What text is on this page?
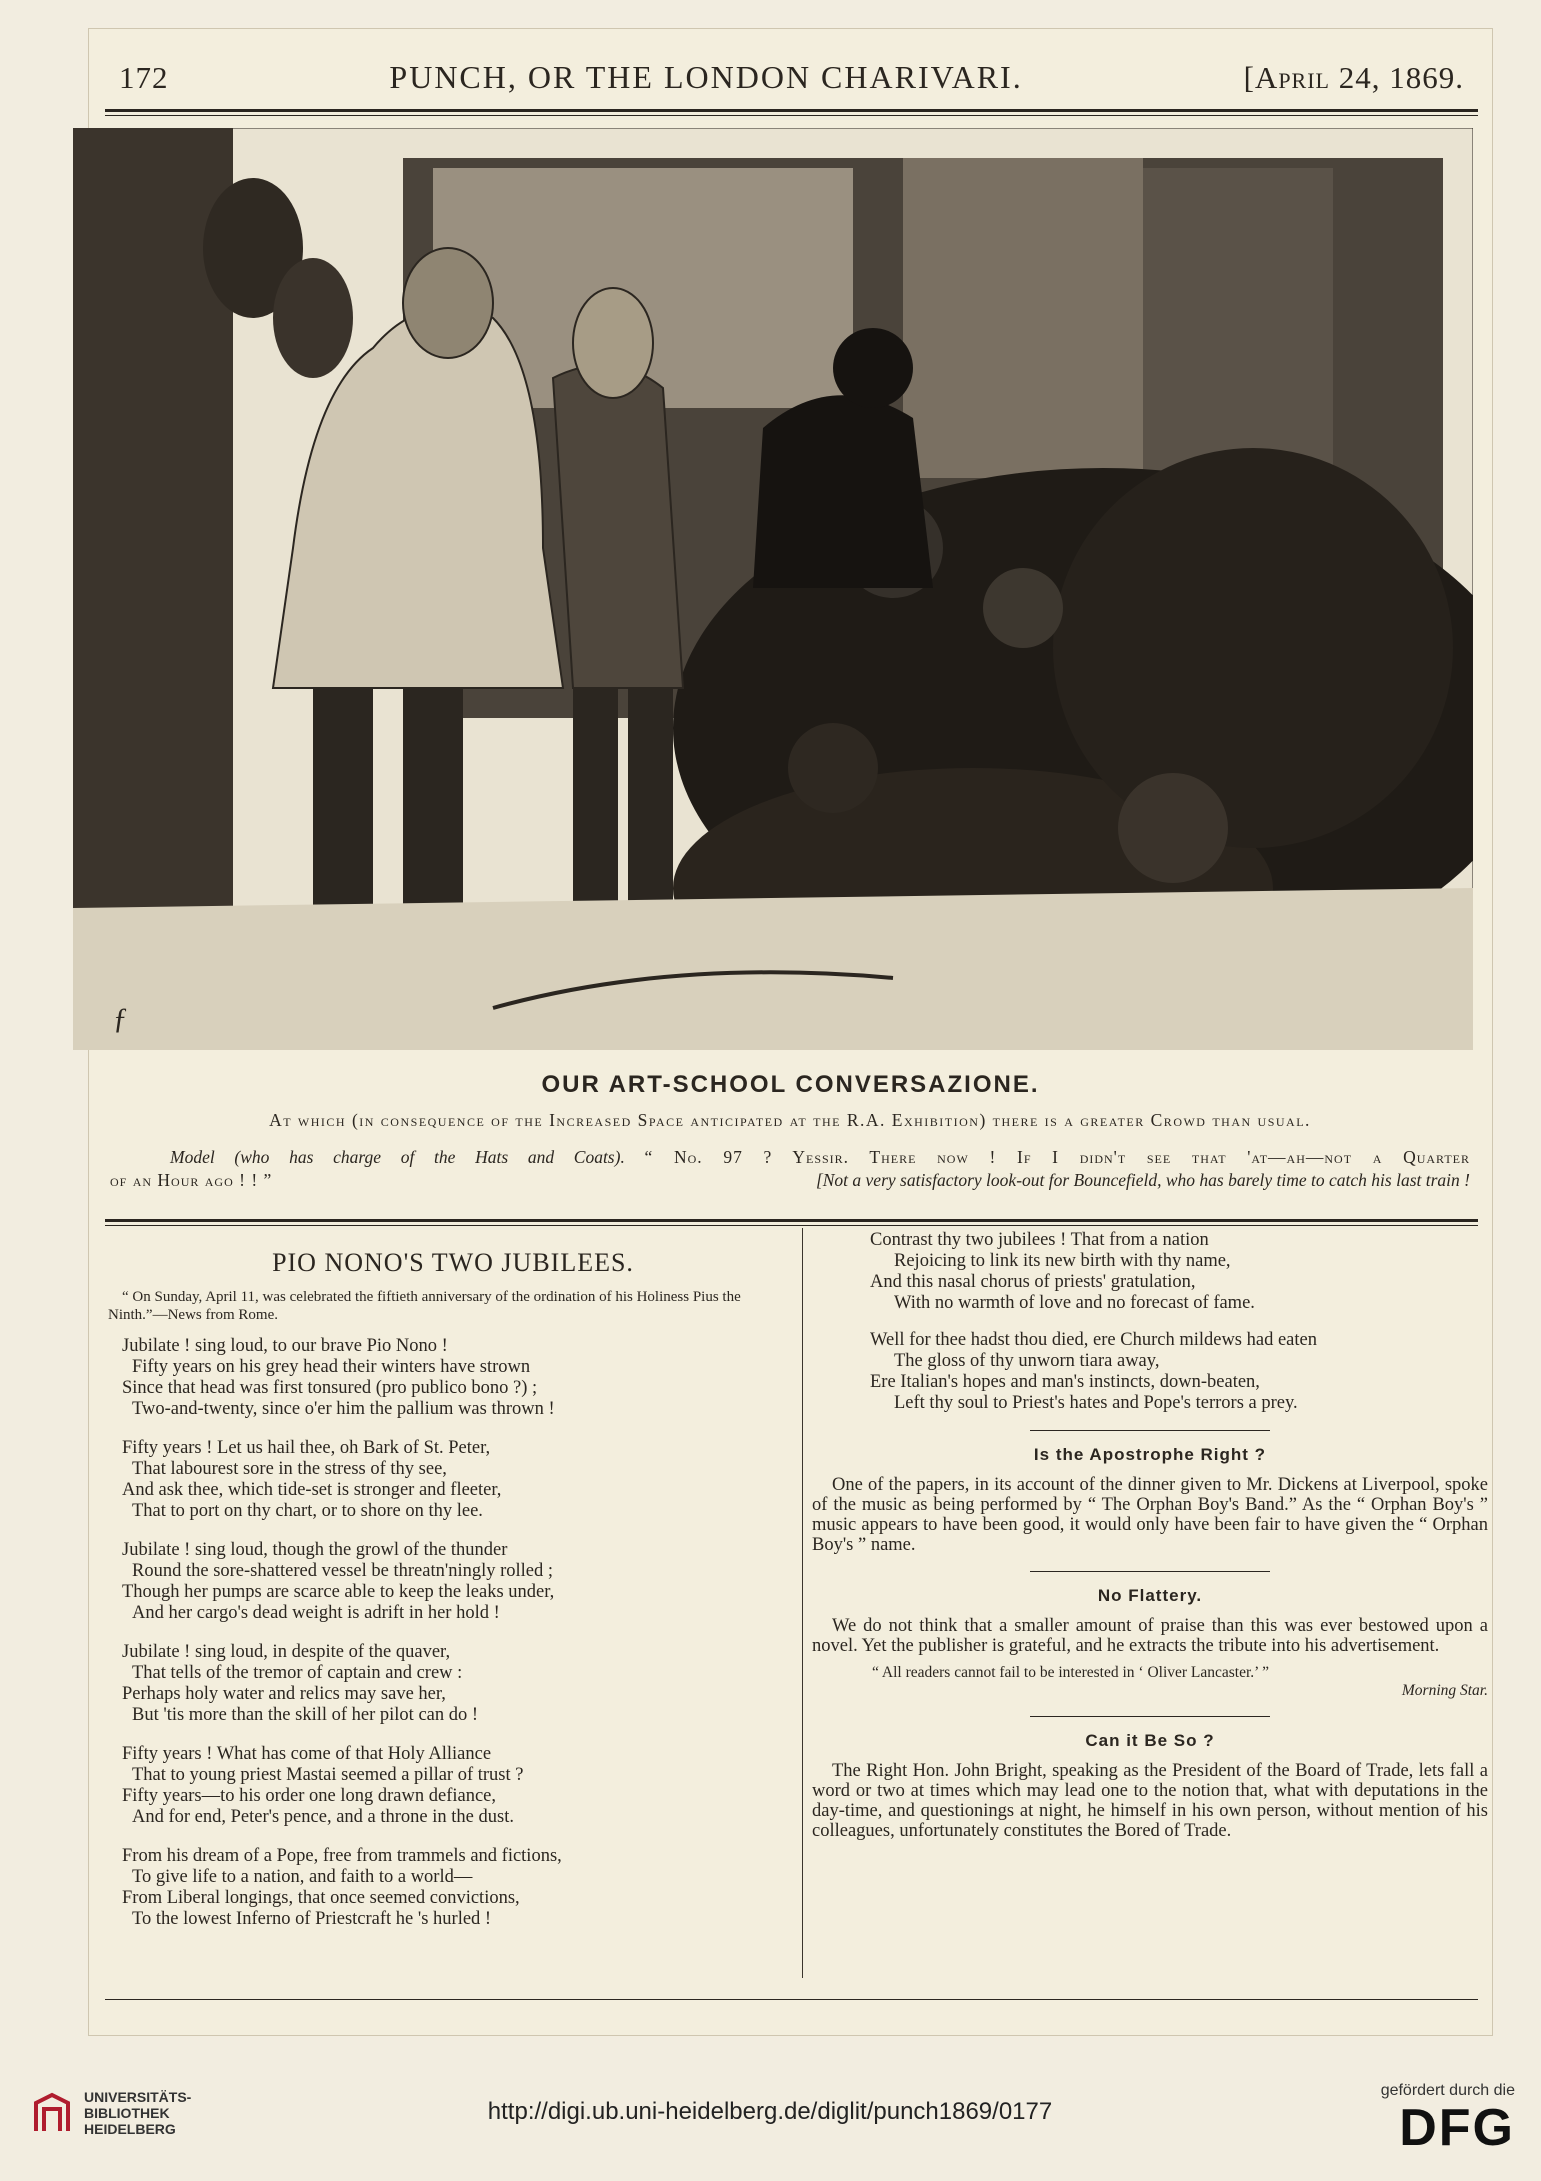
172	PUNCH, OR THE LONDON CHARIVARI.	[April 24, 1869.
ƒ
OUR ART-SCHOOL CONVERSAZIONE.
At which (in consequence of the Increased Space anticipated at the R.A. Exhibition) there is a greater Crowd than usual.
Model (who has charge of the Hats and Coats). “ No. 97 ? Yessir. There now ! If I didn't see that 'at—ah—not a Quarter
of an Hour ago ! ! ”	[Not a very satisfactory look-out for Bouncefield, who has barely time to catch his last train !
PIO NONO'S TWO JUBILEES.
“ On Sunday, April 11, was celebrated the fiftieth anniversary of the ordination of his Holiness Pius the Ninth.”—News from Rome.
Jubilate ! sing loud, to our brave Pio Nono !
Fifty years on his grey head their winters have strown
Since that head was first tonsured (pro publico bono ?) ;
Two-and-twenty, since o'er him the pallium was thrown !
Fifty years ! Let us hail thee, oh Bark of St. Peter,
That labourest sore in the stress of thy see,
And ask thee, which tide-set is stronger and fleeter,
That to port on thy chart, or to shore on thy lee.
Jubilate ! sing loud, though the growl of the thunder
Round the sore-shattered vessel be threatn'ningly rolled ;
Though her pumps are scarce able to keep the leaks under,
And her cargo's dead weight is adrift in her hold !
Jubilate ! sing loud, in despite of the quaver,
That tells of the tremor of captain and crew :
Perhaps holy water and relics may save her,
But 'tis more than the skill of her pilot can do !
Fifty years ! What has come of that Holy Alliance
That to young priest Mastai seemed a pillar of trust ?
Fifty years—to his order one long drawn defiance,
And for end, Peter's pence, and a throne in the dust.
From his dream of a Pope, free from trammels and fictions,
To give life to a nation, and faith to a world—
From Liberal longings, that once seemed convictions,
To the lowest Inferno of Priestcraft he 's hurled !
Contrast thy two jubilees ! That from a nation
Rejoicing to link its new birth with thy name,
And this nasal chorus of priests' gratulation,
With no warmth of love and no forecast of fame.
Well for thee hadst thou died, ere Church mildews had eaten
The gloss of thy unworn tiara away,
Ere Italian's hopes and man's instincts, down-beaten,
Left thy soul to Priest's hates and Pope's terrors a prey.
Is the Apostrophe Right ?
One of the papers, in its account of the dinner given to Mr. Dickens at Liverpool, spoke of the music as being performed by “ The Orphan Boy's Band.” As the “ Orphan Boy's ” music appears to have been good, it would only have been fair to have given the “ Orphan Boy's ” name.
No Flattery.
We do not think that a smaller amount of praise than this was ever bestowed upon a novel. Yet the publisher is grateful, and he extracts the tribute into his advertisement.
“ All readers cannot fail to be interested in ‘ Oliver Lancaster.’ ”
Morning Star.
Can it Be So ?
The Right Hon. John Bright, speaking as the President of the Board of Trade, lets fall a word or two at times which may lead one to the notion that, what with deputations in the day-time, and questionings at night, he himself in his own person, without mention of his colleagues, unfortunately constitutes the Bored of Trade.
UNIVERSITÄTS-
BIBLIOTHEK
HEIDELBERG
http://digi.ub.uni-heidelberg.de/diglit/punch1869/0177
gefördert durch die
DFG
